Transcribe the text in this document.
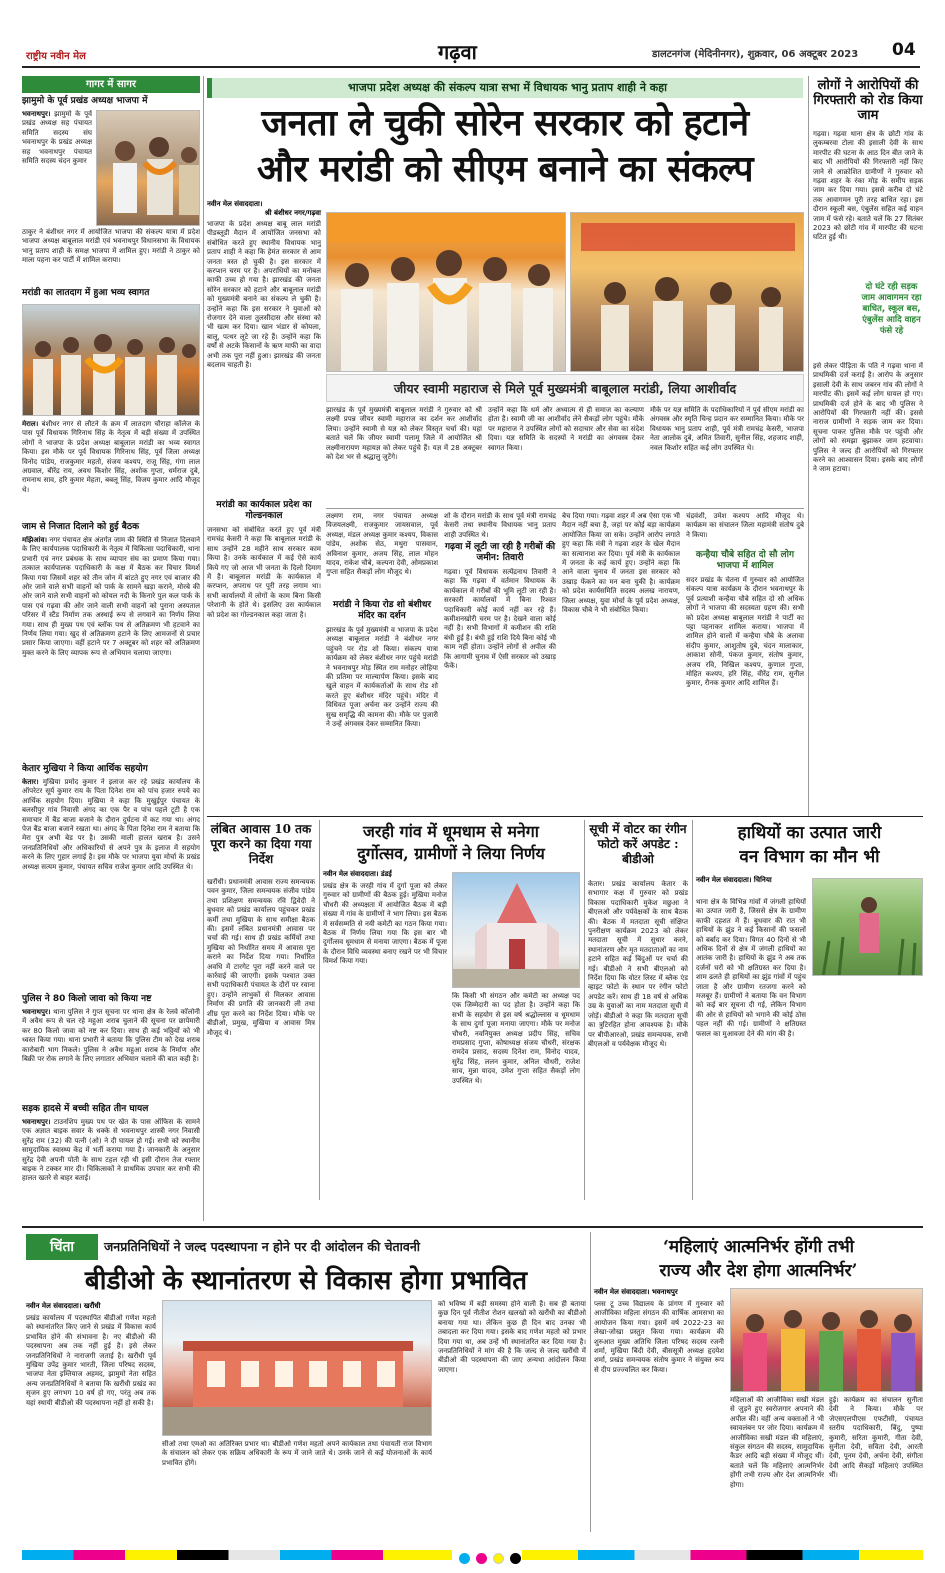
राष्ट्रीय नवीन मेल	गढ़वा	डालटनगंज (मेदिनीनगर), शुक्रवार, 06 अक्टूबर 2023 04
गागर में सागर
झामुमो के पूर्व प्रखंड अध्यक्ष भाजपा में
भवनाथपुर। झामुमो के पूर्व प्रखंड अध्यक्ष सह पंचायत समिति सदस्य संघ भवनाथपुर के प्रखंड अध्यक्ष सह भवनाथपुर पंचायत समिति सदस्य चंदन कुमार
ठाकुर ने बंशीधर नगर में आयोजित भाजपा की संकल्प यात्रा में प्रदेश भाजपा अध्यक्ष बाबूलाल मरांडी एवं भवनाथपुर विधानसभा के विधायक भानु प्रताप शाही के समक्ष भाजपा में शामिल हुए। मरांडी ने ठाकुर को माला पहना कर पार्टी में शामिल कराया।
मरांडी का लातदाग में हुआ भव्य स्वागत
मेराल। बंशीधर नगर से लौटने के क्रम में लातदाग चौराहा कॉलेज के पास पूर्व विधायक गिरिनाथ सिंह के नेतृत्व में बड़ी संख्या में उपस्थित लोगों ने भाजपा के प्रदेश अध्यक्ष बाबूलाल मरांडी का भव्य स्वागत किया। इस मौके पर पूर्व विधायक गिरिनाथ सिंह, पूर्व जिला अध्यक्ष विनोद पांडेय, राजकुमार महतो, संजय कश्यप, राजू सिंह, गंगा लाल अग्रवाल, बीरेंद्र राय, अवध किशोर सिंह, अशोक गुप्ता, धर्मराज दुबे, रामनाथ साव, हरि कुमार मेहता, बबलू सिंह, विजय कुमार आदि मौजूद थे।
जाम से निजात दिलाने को हुई बैठक
मझिआंव। नगर पंचायत क्षेत्र अंतर्गत जाम की स्थिति से निजात दिलवाने के लिए कार्यपालक पदाधिकारी के नेतृत्व में चिकित्सा पदाधिकारी, थाना प्रभारी एवं नगर प्रबंधक के साथ व्यापार संघ का प्रमाण किया गया। तत्काल कार्यपालक पदाधिकारी के कक्ष में बैठक कर विचार विमर्श किया गया जिसमें शहर को तीन जोन में बांटते हुए नगर एवं बाजार की ओर जाने वाले सभी वाहनों को पार्क के सामने खड़ा कराने, मोरबे की ओर जाने वाले सभी वाहनों को कोयल नदी के किनारे पुल कल पार्क के पास एवं गढ़वा की ओर जाने वाली सभी वाहनों को पुराना अस्पताल परिसर में स्टैंड निर्माण तक अस्थाई रूप से लगवाने का निर्णय लिया गया। साथ ही मुख्य पथ एवं ब्लॉक पथ से अतिक्रमण भी हटवाने का निर्णय लिया गया। खुद से अतिक्रमण हटाने के लिए आमजनों से प्रचार प्रसार किया जाएगा। वहीं हटाने पर 7 अक्टूबर को शहर को अतिक्रमण मुक्त करने के लिए व्यापक रूप से अभियान चलाया जाएगा।
केतार मुखिया ने किया आर्थिक सहयोग
केतार। मुखिया प्रमोद कुमार ने इलाज कर रहे प्रखंड कार्यालय के ऑपरेटर सूर्य कुमार राय के पिता दिनेश राम को पांच हजार रुपये का आर्थिक सहयोग दिया। मुखिया ने कहा कि मुखुईपुर पंचायत के बलसीपुर गांव निवासी अंगद का एक पैर व पांच पहले टूटी है एक समाचार में बैंड बाजा बजाने के दौरान दुर्घटना में कट गया था। अंगद पेज बैंड बाजा बजाने रखता था। अंगद के पिता दिनेश राम ने बताया कि मेरा पुत्र अभी बेड पर है। उसकी माली हालत खराब है। उसने जनप्रतिनिधियों और अधिकारियों से अपने पुत्र के इलाज में सहयोग करने के लिए गुहार लगाई है। इस मौके पर भाजपा युवा मोर्चा के प्रखंड अध्यक्ष सत्यम कुमार, पंचायत सचिव राजेश कुमार आदि उपस्थित थे।
पुलिस ने 80 किलो जावा को किया नष्ट
भवनाथपुर। थाना पुलिस ने गुप्त सूचना पर थाना क्षेत्र के रेलवे कॉलोनी में अवैध रूप से चल रहे महुआ शराब चुलाने की सूचना पर छापेमारी कर 80 किलो जावा को नष्ट कर दिया। साथ ही कई भठ्ठियों को भी ध्वस्त किया गया। थाना प्रभारी ने बताया कि पुलिस टीम को देख शराब कारोबारी भाग निकले। पुलिस ने अवैध महुआ शराब के निर्माण और बिक्री पर रोक लगाने के लिए लगातार अभियान चलाने की बात कही है।
सड़क हादसे में बच्ची सहित तीन घायल
भवनाथपुर। टाउनशिप मुख्य पथ पर खेत के पास ऑफिस के सामने एक अज्ञात बाइक सवार के धक्के से भवनाथपुर शास्त्री नगर निवासी सुरेंद्र राम (32) की पत्नी (ओ) ने दी घायल हो गई। सभी को स्थानीय सामुदायिक स्वास्थ्य केंद्र में भर्ती कराया गया है। जानकारी के अनुसार सुरेंद्र देवी अपनी पोती के साथ टहल रही थी इसी दौरान तेज रफ्तार बाइक ने टक्कर मार दी। चिकित्सकों ने प्राथमिक उपचार कर सभी की हालत खतरे से बाहर बताई।
भाजपा प्रदेश अध्यक्ष की संकल्प यात्रा सभा में विधायक भानु प्रताप शाही ने कहा
जनता ले चुकी सोरेन सरकार को हटाने
और मरांडी को सीएम बनाने का संकल्प
नवीन मेल संवाददाता।
श्री बंशीधर नगर/गढ़वा
भाजपा के प्रदेश अध्यक्ष बाबू लाल मरांडी पीडब्लूडी मैदान में आयोजित जनसभा को संबोधित करते हुए स्थानीय विधायक भानु प्रताप शाही ने कहा कि हेमंत सरकार से आम जनता त्रस्त हो चुकी है। इस सरकार में करप्शन चरम पर है। अपराधियों का मनोबल काफी उच्च हो गया है। झारखंड की जनता सोरेन सरकार को हटाने और बाबूलाल मरांडी को मुख्यमंत्री बनाने का संकल्प ले चुकी है। उन्होंने कहा कि इस सरकार ने युवाओं को रोजगार देने वाला तुलसीदास और संस्था को भी खत्म कर दिया। खान भंडार से कोयला, बालू, पत्थर लूटे जा रहे हैं। उन्होंने कहा कि वर्षों से अटके किसानों के ऋण माफी का वादा अभी तक पूरा नहीं हुआ। झारखंड की जनता बदलाव चाहती है।
मरांडी का कार्यकाल प्रदेश का गोल्डनकाल
जनसभा को संबोधित करते हुए पूर्व मंत्री रामचंद्र केसरी ने कहा कि बाबूलाल मरांडी के साथ उन्होंने 28 महीने साथ सरकार काम किया है। उनके कार्यकाल में कई ऐसे कार्य किये गए जो आज भी जनता के दिलो दिमाग में है। बाबूलाल मरांडी के कार्यकाल में करप्शन, अपराध पर पूरी तरह लगाम था। सभी कार्यालयों में लोगों के काम बिना किसी परेशानी के होते थे। इसलिए उस कार्यकाल को प्रदेश का गोल्डनकाल कहा जाता है।
जीयर स्वामी महाराज से मिले पूर्व मुख्यमंत्री बाबूलाल मरांडी, लिया आशीर्वाद
झारखंड के पूर्व मुख्यमंत्री बाबूलाल मरांडी ने गुरुवार को श्री लक्ष्मी प्रपन्न जीयर स्वामी महाराज का दर्शन कर आशीर्वाद लिया। उन्होंने स्वामी से यज्ञ को लेकर विस्तृत चर्चा की। यहां बताते चलें कि जीयर स्वामी पलामू जिले में आयोजित श्री लक्ष्मीनारायण महायज्ञ को लेकर पहुंचे हैं। यज्ञ में 28 अक्टूबर को देश भर से श्रद्धालु जुटेंगे।
उन्होंने कहा कि धर्म और अध्यात्म से ही समाज का कल्याण होता है। स्वामी जी का आशीर्वाद लेने सैकड़ों लोग पहुंचे। मौके पर महाराज ने उपस्थित लोगों को सदाचार और सेवा का संदेश दिया। यज्ञ समिति के सदस्यों ने मरांडी का अंगवस्त्र देकर स्वागत किया।
मौके पर यज्ञ समिति के पदाधिकारियों ने पूर्व सीएम मरांडी का अंगवस्त्र और स्मृति चिन्ह प्रदान कर सम्मानित किया। मौके पर विधायक भानु प्रताप शाही, पूर्व मंत्री रामचंद्र केसरी, भाजपा नेता आलोक दुबे, अमित तिवारी, सुनील सिंह, शहजाद शाही, नवल किशोर सहित कई लोग उपस्थित थे।
लक्ष्मण राम, नगर पंचायत अध्यक्ष विजयलक्ष्मी, राजकुमार जायसवाल, पूर्व अध्यक्ष, मंडल अध्यक्ष कुमार कश्यप, विकास पांडेय, अशोक सेठ, मथुरा पासवान, अविनाश कुमार, अजय सिंह, लाल मोहन यादव, राकेश चौबे, कल्पना देवी, ओमप्रकाश गुप्ता सहित सैकड़ों लोग मौजूद थे।
मरांडी ने किया रोड शो बंशीधर मंदिर का दर्शन
झारखंड के पूर्व मुख्यमंत्री व भाजपा के प्रदेश अध्यक्ष बाबूलाल मरांडी ने बंशीधर नगर पहुंचने पर रोड शो किया। संकल्प यात्रा कार्यक्रम को लेकर बंशीधर नगर पहुंचे मरांडी ने भवनाथपुर मोड़ स्थित राम मनोहर लोहिया की प्रतिमा पर माल्यार्पण किया। इसके बाद खुले वाहन में कार्यकर्ताओं के साथ रोड शो करते हुए बंशीधर मंदिर पहुंचे। मंदिर में विधिवत पूजा अर्चना कर उन्होंने राज्य की सुख समृद्धि की कामना की। मौके पर पुजारी ने उन्हें अंगवस्त्र देकर सम्मानित किया।
शो के दौरान मरांडी के साथ पूर्व मंत्री रामचंद्र केसरी तथा स्थानीय विधायक भानु प्रताप शाही उपस्थित थे।
गढ़वा में लूटी जा रही है गरीबों की जमीन: तिवारी
गढ़वा। पूर्व विधायक सत्येंद्रनाथ तिवारी ने कहा कि गढ़वा में वर्तमान विधायक के कार्यकाल में गरीबों की भूमि लूटी जा रही है। सरकारी कार्यालयों में बिना रिश्वत पदाधिकारी कोई कार्य नहीं कर रहे हैं। कमीशनखोरी चरम पर है। देखने वाला कोई नहीं है। सभी विभागों में कमीशन की राशि बंधी हुई है। बंधी हुई राशि दिये बिना कोई भी काम नहीं होता। उन्होंने लोगों से अपील की कि आगामी चुनाव में ऐसी सरकार को उखाड़ फेंकें।
बेच दिया गया। गढ़वा शहर में अब ऐसा एक भी मैदान नहीं बचा है, जहां पर कोई बड़ा कार्यक्रम आयोजित किया जा सके। उन्होंने आरोप लगाते हुए कहा कि मंत्री ने गढ़वा शहर के खेल मैदान का सत्यानाश कर दिया। पूर्व मंत्री के कार्यकाल में जनता के कई कार्य हुए। उन्होंने कहा कि आने वाला चुनाव में जनता इस सरकार को उखाड़ फेंकने का मन बना चुकी है। कार्यक्रम को प्रदेश कार्यसमिति सदस्य अलख नारायण, जिला अध्यक्ष, युवा मोर्चा के पूर्व प्रदेश अध्यक्ष, विकास चौबे ने भी संबोधित किया।
चंद्रवंशी, उमेश कश्यप आदि मौजूद थे। कार्यक्रम का संचालन जिला महामंत्री संतोष दुबे ने किया।
कन्हैया चौबे सहित दो सौ लोग भाजपा में शामिल
सदर प्रखंड के चेतना में गुरुवार को आयोजित संकल्प यात्रा कार्यक्रम के दौरान भवनाथपुर के पूर्व प्रत्याशी कन्हैया चौबे सहित दो सौ अधिक लोगों ने भाजपा की सदस्यता ग्रहण की। सभी को प्रदेश अध्यक्ष बाबूलाल मरांडी ने पार्टी का पट्टा पहनाकर शामिल कराया। भाजपा में शामिल होने वालों में कन्हैया चौबे के अलावा संदीप कुमार, आशुतोष दुबे, चंदन मालाकार, आकाश सोनी, पंकज कुमार, संतोष कुमार, अजय रवि, निखिल कश्यप, कुणाल गुप्ता, मोहित कश्यप, हरि सिंह, वीरेंद्र राम, सुनील कुमार, रौनक कुमार आदि शामिल हैं।
लोगों ने आरोपियों की गिरफ्तारी को रोड किया जाम
गढ़वा। गढ़वा थाना क्षेत्र के छोटी गांव के लुकम्बरवा टोला की इसाली देवी के साथ मारपीट की घटना के आठ दिन बीत जाने के बाद भी आरोपियों की गिरफ्तारी नहीं किए जाने से आक्रोशित ग्रामीणों ने गुरुवार को गढ़वा शहर के रंका मोड़ के समीप सड़क जाम कर दिया गया। इससे करीब दो घंटे तक आवागमन पूरी तरह बाधित रहा। इस दौरान स्कूली बस, एंबुलेंस सहित कई वाहन जाम में फंसे रहे। बताते चलें कि 27 सितंबर 2023 को छोटी गांव में मारपीट की घटना घटित हुई थी।
दो घंटे रही सड़क जाम आवागमन रहा बाधित, स्कूल बस, एंबुलेंस आदि वाहन फंसे रहे

इसे लेकर पीड़िता के पति ने गढ़वा थाना में प्राथमिकी दर्ज कराई है। आरोप के अनुसार इसाली देवी के साथ जबरन गांव की लोगों ने मारपीट की। इसमें कई लोग घायल हो गए। प्राथमिकी दर्ज होने के बाद भी पुलिस ने आरोपियों की गिरफ्तारी नहीं की। इससे नाराज ग्रामीणों ने सड़क जाम कर दिया। सूचना पाकर पुलिस मौके पर पहुंची और लोगों को समझा बुझाकर जाम हटवाया। पुलिस ने जल्द ही आरोपियों को गिरफ्तार करने का आश्वासन दिया। इसके बाद लोगों ने जाम हटाया।
लंबित आवास 10 तक पूरा करने का दिया गया निर्देश
खरौंधी। प्रधानमंत्री आवास राज्य समन्वयक पवन कुमार, जिला समन्वयक संजीव पांडेय तथा प्रशिक्षण समन्वयक रवि द्विवेदी ने बुधवार को प्रखंड कार्यालय पहुंचकर प्रखंड कर्मी तथा मुखिया के साथ समीक्षा बैठक की। इसमें लंबित प्रधानमंत्री आवास पर चर्चा की गई। साथ ही प्रखंड कर्मियों तथा मुखिया को निर्धारित समय में आवास पूरा कराने का निर्देश दिया गया। निर्धारित अवधि में टारगेट पूरा नहीं करने वाले पर कार्रवाई की जाएगी। इसके पश्चात उक्त सभी पदाधिकारी पंचायत के दौरों पर रवाना हुए। उन्होंने लाभुकों से मिलकर आवास निर्माण की प्रगति की जानकारी ली तथा शीघ्र पूरा करने का निर्देश दिया। मौके पर बीडीओ, प्रमुख, मुखिया व आवास मित्र मौजूद थे।
जरही गांव में धूमधाम से मनेगा
दुर्गोत्सव, ग्रामीणों ने लिया निर्णय
नवीन मेल संवाददाता। डंडई
प्रखंड क्षेत्र के जरही गांव में दुर्गा पूजा को लेकर गुरुवार को ग्रामीणों की बैठक हुई। मुखिया मनोज चौधरी की अध्यक्षता में आयोजित बैठक में बड़ी संख्या में गांव के ग्रामीणों ने भाग लिया। इस बैठक में सर्वसम्मति से नयी कमेटी का गठन किया गया। बैठक में निर्णय लिया गया कि इस बार भी दुर्गोत्सव धूमधाम से मनाया जाएगा। बैठक में पूजा के दौरान विधि व्यवस्था बनाए रखने पर भी विचार विमर्श किया गया।
कि किसी भी संगठन और कमेटी का अध्यक्ष पद एक जिम्मेदारी का पद होता है। उन्होंने कहा कि सभी के सहयोग से इस वर्ष श्रद्धोल्लास व धूमधाम के साथ दुर्गा पूजा मनाया जाएगा। मौके पर मनोज चौधरी, नवनियुक्त अध्यक्ष प्रदीप सिंह, सचिव रामप्रसाद गुप्ता, कोषाध्यक्ष संजय चौधरी, संरक्षक रामदेव प्रसाद, सदस्य दिनेश राम, विनोद यादव, सुरेंद्र सिंह, ललन कुमार, अनिल चौधरी, राजेश साव, मुन्ना यादव, उमेश गुप्ता सहित सैकड़ों लोग उपस्थित थे।
सूची में वोटर का रंगीन फोटो करें अपडेट : बीडीओ
केतार। प्रखंड कार्यालय केतार के सभागार कक्ष में गुरुवार को प्रखंड विकास पदाधिकारी मुकेश मछुआ ने बीएलओ और पर्यवेक्षकों के साथ बैठक की। बैठक में मतदाता सूची संक्षिप्त पुनरीक्षण कार्यक्रम 2023 को लेकर मतदाता सूची में सुधार करने, स्थानांतरण और मृत मतदाताओं का नाम हटाने सहित कई बिंदुओं पर चर्चा की गई। बीडीओ ने सभी बीएलओ को निर्देश दिया कि वोटर लिस्ट में ब्लैक एंड व्हाइट फोटो के स्थान पर रंगीन फोटो अपडेट करें। साथ ही 18 वर्ष से अधिक उम्र के युवाओं का नाम मतदाता सूची में जोड़ें। बीडीओ ने कहा कि मतदाता सूची का त्रुटिरहित होना आवश्यक है। मौके पर बीपीआरओ, प्रखंड समन्वयक, सभी बीएलओ व पर्यवेक्षक मौजूद थे।
हाथियों का उत्पात जारी
वन विभाग का मौन भी
नवीन मेल संवाददाता। चिनिया
थाना क्षेत्र के विभिन्न गांवों में जंगली हाथियों का उत्पात जारी है, जिससे क्षेत्र के ग्रामीण काफी दहशत में हैं। बुधवार की रात भी हाथियों के झुंड ने कई किसानों की फसलों को बर्बाद कर दिया। विगत 40 दिनों से भी अधिक दिनों से क्षेत्र में जंगली हाथियों का आतंक जारी है। हाथियों के झुंड ने अब तक दर्जनों घरों को भी क्षतिग्रस्त कर दिया है। शाम ढलते ही हाथियों का झुंड गांवों में पहुंच जाता है और ग्रामीण रतजगा करने को मजबूर हैं। ग्रामीणों ने बताया कि वन विभाग को कई बार सूचना दी गई, लेकिन विभाग की ओर से हाथियों को भगाने की कोई ठोस पहल नहीं की गई। ग्रामीणों ने क्षतिग्रस्त फसल का मुआवजा देने की मांग की है।
चिंता	जनप्रतिनिधियों ने जल्द पदस्थापना न होने पर दी आंदोलन की चेतावनी
बीडीओ के स्थानांतरण से विकास होगा प्रभावित
नवीन मेल संवाददाता। खरौंधी
प्रखंड कार्यालय में पदस्थापित बीडीओ गणेश महतो को स्थानांतरित किए जाने से प्रखंड में विकास कार्य प्रभावित होने की संभावना है। नए बीडीओ की पदस्थापना अब तक नहीं हुई है। इसे लेकर जनप्रतिनिधियों ने नाराजगी जताई है। खरौंधी पूर्व मुखिया उपेंद्र कुमार भारती, जिला परिषद सदस्य, भाजपा नेता इम्तियाज अहमद, झामुमो नेता सहित अन्य जनप्रतिनिधियों ने बताया कि खरौंधी प्रखंड का सृजन हुए लगभग 10 वर्ष हो गए, परंतु अब तक यहां स्थायी बीडीओ की पदस्थापना नहीं हो सकी है।
सीओ तथा एमओ का अतिरिक्त प्रभार था। बीडीओ गणेश महतो अपने कार्यकाल तथा पंचायती राज विभाग के संचालन को लेकर एक सक्रिय अधिकारी के रूप में जाने जाते थे। उनके जाने से कई योजनाओं के कार्य प्रभावित होंगे।
को भविष्य में बड़ी समस्या होने वाली है। सब ही बताया कुछ दिन पूर्व नीतीश रोशन खलखो को खरौंधी का बीडीओ बनाया गया था। लेकिन कुछ ही दिन बाद उनका भी तबादला कर दिया गया। इसके बाद गणेश महतो को प्रभार दिया गया था, अब उन्हें भी स्थानांतरित कर दिया गया है। जनप्रतिनिधियों ने मांग की है कि जल्द से जल्द खरौंधी में बीडीओ की पदस्थापना की जाए अन्यथा आंदोलन किया जाएगा।
‘महिलाएं आत्मनिर्भर होंगी तभी
राज्य और देश होगा आत्मनिर्भर’
नवीन मेल संवाददाता। भवनाथपुर
प्लस टू उच्च विद्यालय के प्रांगण में गुरुवार को आजीविका महिला संगठन की वार्षिक आमसभा का आयोजन किया गया। इसमें वर्ष 2022-23 का लेखा-जोखा प्रस्तुत किया गया। कार्यक्रम की शुरुआत मुख्य अतिथि जिला परिषद सदस्य रजनी शर्मा, मुखिया बिंदी देवी, बीससूत्री अध्यक्ष हृदयेश शर्मा, प्रखंड समन्वयक संतोष कुमार ने संयुक्त रूप से दीप प्रज्ज्वलित कर किया।
महिलाओं की आजीविका सखी मंडल से जुड़ने हुए स्वरोजगार अपनाने की अपील की। वहीं अन्य वक्ताओं ने भी स्वावलंबन पर जोर दिया। कार्यक्रम में आजीविका सखी मंडल की महिलाएं, संकुल संगठन की सदस्य, सामुदायिक कैडर आदि बड़ी संख्या में मौजूद थीं। बताते चलें कि महिलाएं आत्मनिर्भर होंगी तभी राज्य और देश आत्मनिर्भर होगा।
हुई। कार्यक्रम का संचालन सुनीता देवी ने किया। मौके पर जेएसएलपीएस एफटीसी, पंचायत स्तरीय पदाधिकारी, बिंदु, पुष्पा कुमारी, सरिता कुमारी, गीता देवी, सुनीता देवी, सविता देवी, आरती देवी, पूनम देवी, अर्चना देवी, संगीता देवी आदि सैकड़ों महिलाएं उपस्थित थीं।
